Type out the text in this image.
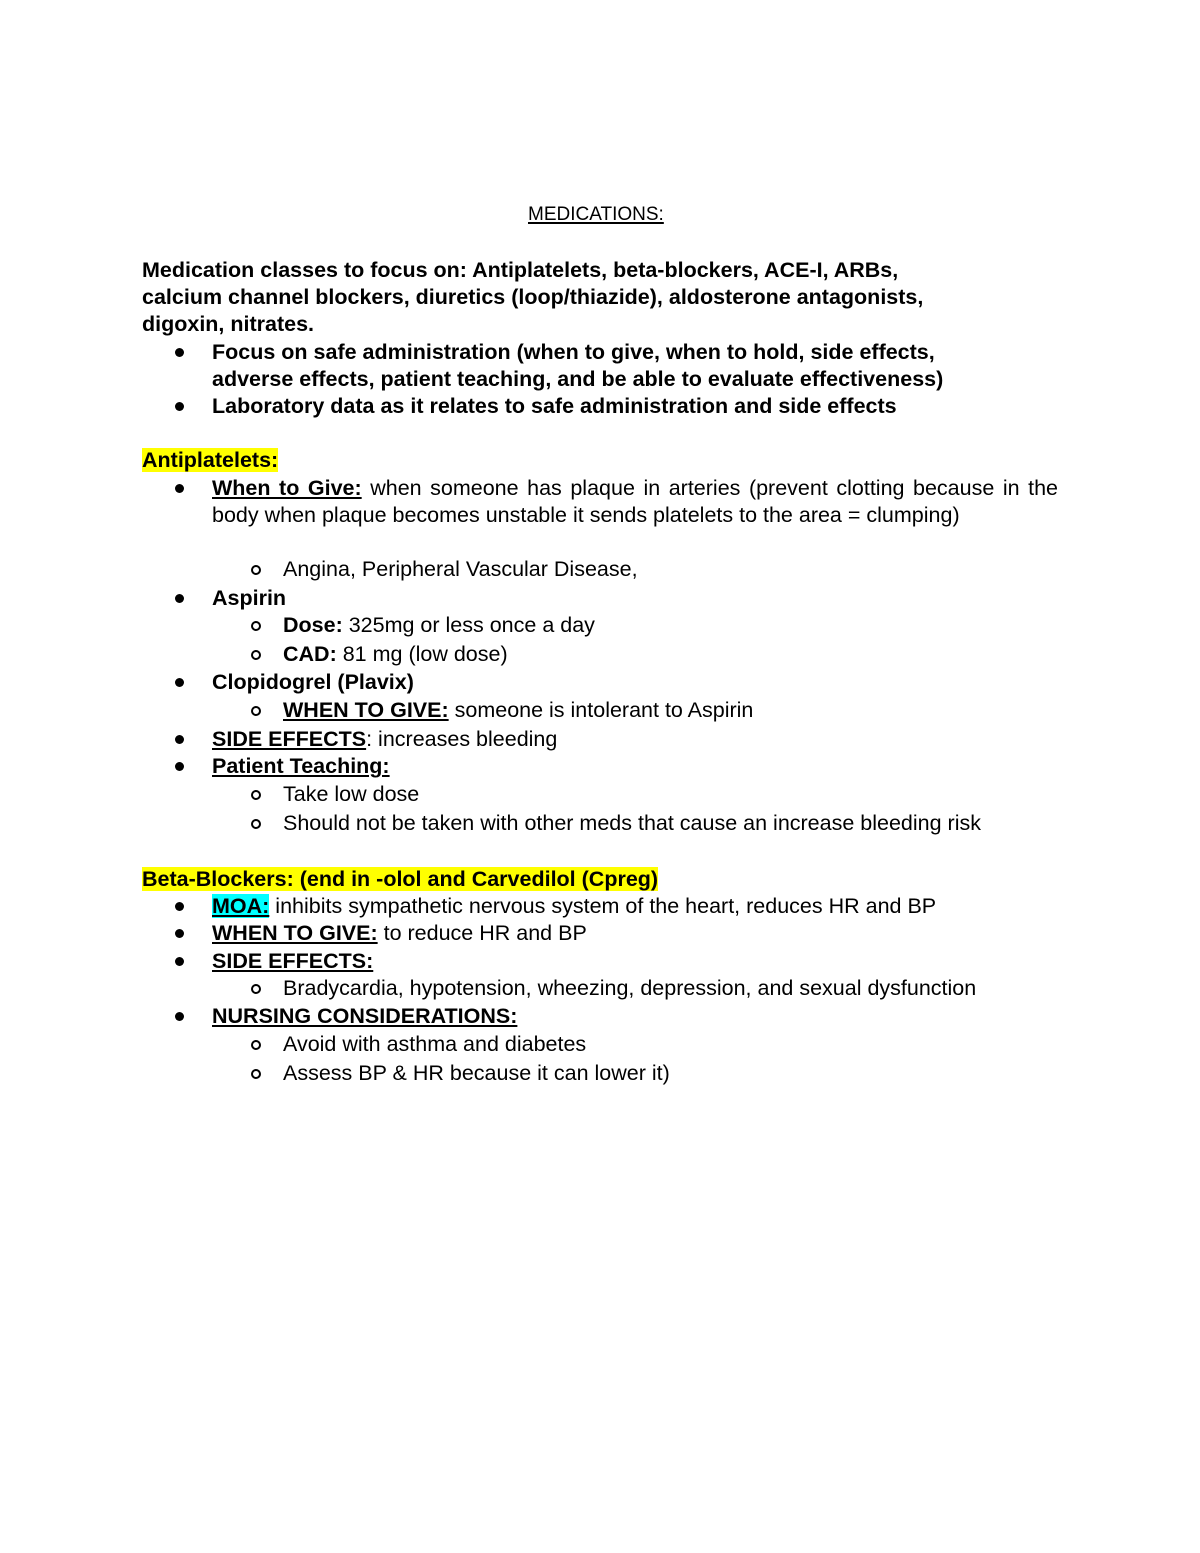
MEDICATIONS:
Medication classes to focus on: Antiplatelets, beta-blockers, ACE-I, ARBs,
calcium channel blockers, diuretics (loop/thiazide), aldosterone antagonists,
digoxin, nitrates.
Focus on safe administration (when to give, when to hold, side effects,
adverse effects, patient teaching, and be able to evaluate effectiveness)
Laboratory data as it relates to safe administration and side effects
Antiplatelets:
When to Give: when someone has plaque in arteries (prevent clotting because in the body when plaque becomes unstable it sends platelets to the area = clumping)
Angina, Peripheral Vascular Disease,
Aspirin
Dose: 325mg or less once a day
CAD: 81 mg (low dose)
Clopidogrel (Plavix)
WHEN TO GIVE: someone is intolerant to Aspirin
SIDE EFFECTS: increases bleeding
Patient Teaching:
Take low dose
Should not be taken with other meds that cause an increase bleeding risk
Beta-Blockers: (end in -olol and Carvedilol (Cpreg)
MOA: inhibits sympathetic nervous system of the heart, reduces HR and BP
WHEN TO GIVE: to reduce HR and BP
SIDE EFFECTS:
Bradycardia, hypotension, wheezing, depression, and sexual dysfunction
NURSING CONSIDERATIONS:
Avoid with asthma and diabetes
Assess BP & HR because it can lower it)
